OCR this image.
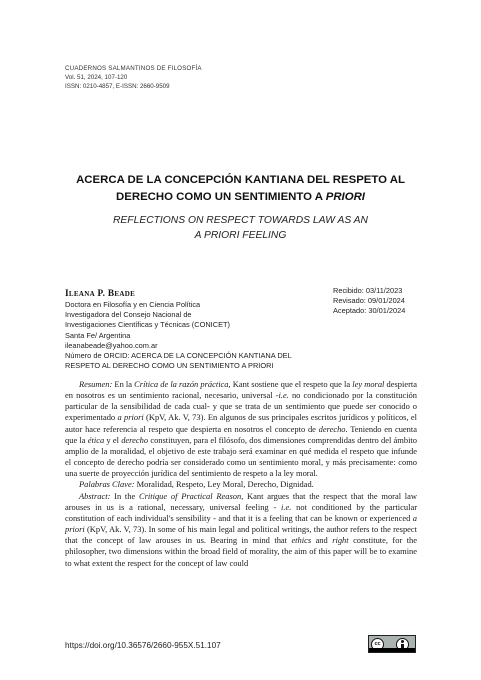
CUADERNOS SALMANTINOS DE FILOSOFÍA
Vol. 51, 2024, 107-120
ISSN: 0210-4857, E-ISSN: 2660-9509
ACERCA DE LA CONCEPCIÓN KANTIANA DEL RESPETO AL
DERECHO COMO UN SENTIMIENTO A PRIORI
REFLECTIONS ON RESPECT TOWARDS LAW AS AN
A PRIORI FEELING
Ileana P. Beade
Doctora en Filosofía y en Ciencia Política
Investigadora del Consejo Nacional de
Investigaciones Científicas y Técnicas (CONICET)
Santa Fe/ Argentina
ileanabeade@yahoo.com.ar
Número de ORCID: ACERCA DE LA CONCEPCIÓN KANTIANA DEL
RESPETO AL DERECHO COMO UN SENTIMIENTO A PRIORI
Recibido: 03/11/2023
Revisado: 09/01/2024
Aceptado: 30/01/2024

Resumen: En la Crítica de la razón práctica, Kant sostiene que el respeto que la ley moral despierta en nosotros es un sentimiento racional, necesario, universal -i.e. no condicionado por la constitución particular de la sensibilidad de cada cual- y que se trata de un sentimiento que puede ser conocido o experimentado a priori (KpV, Ak. V, 73). En algunos de sus principales escritos jurídicos y políticos, el autor hace referencia al respeto que despierta en nosotros el concepto de derecho. Teniendo en cuenta que la ética y el derecho constituyen, para el filósofo, dos dimensiones comprendidas dentro del ámbito amplio de la moralidad, el objetivo de este trabajo será examinar en qué medida el respeto que infunde el concepto de derecho podría ser considerado como un sentimiento moral, y más precisamente: como una suerte de proyección jurídica del sentimiento de respeto a la ley moral.

Palabras Clave: Moralidad, Respeto, Ley Moral, Derecho, Dignidad.

Abstract: In the Critique of Practical Reason, Kant argues that the respect that the moral law arouses in us is a rational, necessary, universal feeling - i.e. not conditioned by the particular constitution of each individual's sensibility - and that it is a feeling that can be known or experienced a priori (KpV, Ak. V, 73). In some of his main legal and political writings, the author refers to the respect that the concept of law arouses in us. Bearing in mind that ethics and right constitute, for the philosopher, two dimensions within the broad field of morality, the aim of this paper will be to examine to what extent the respect for the concept of law could

https://doi.org/10.36576/2660-955X.51.107	cc
